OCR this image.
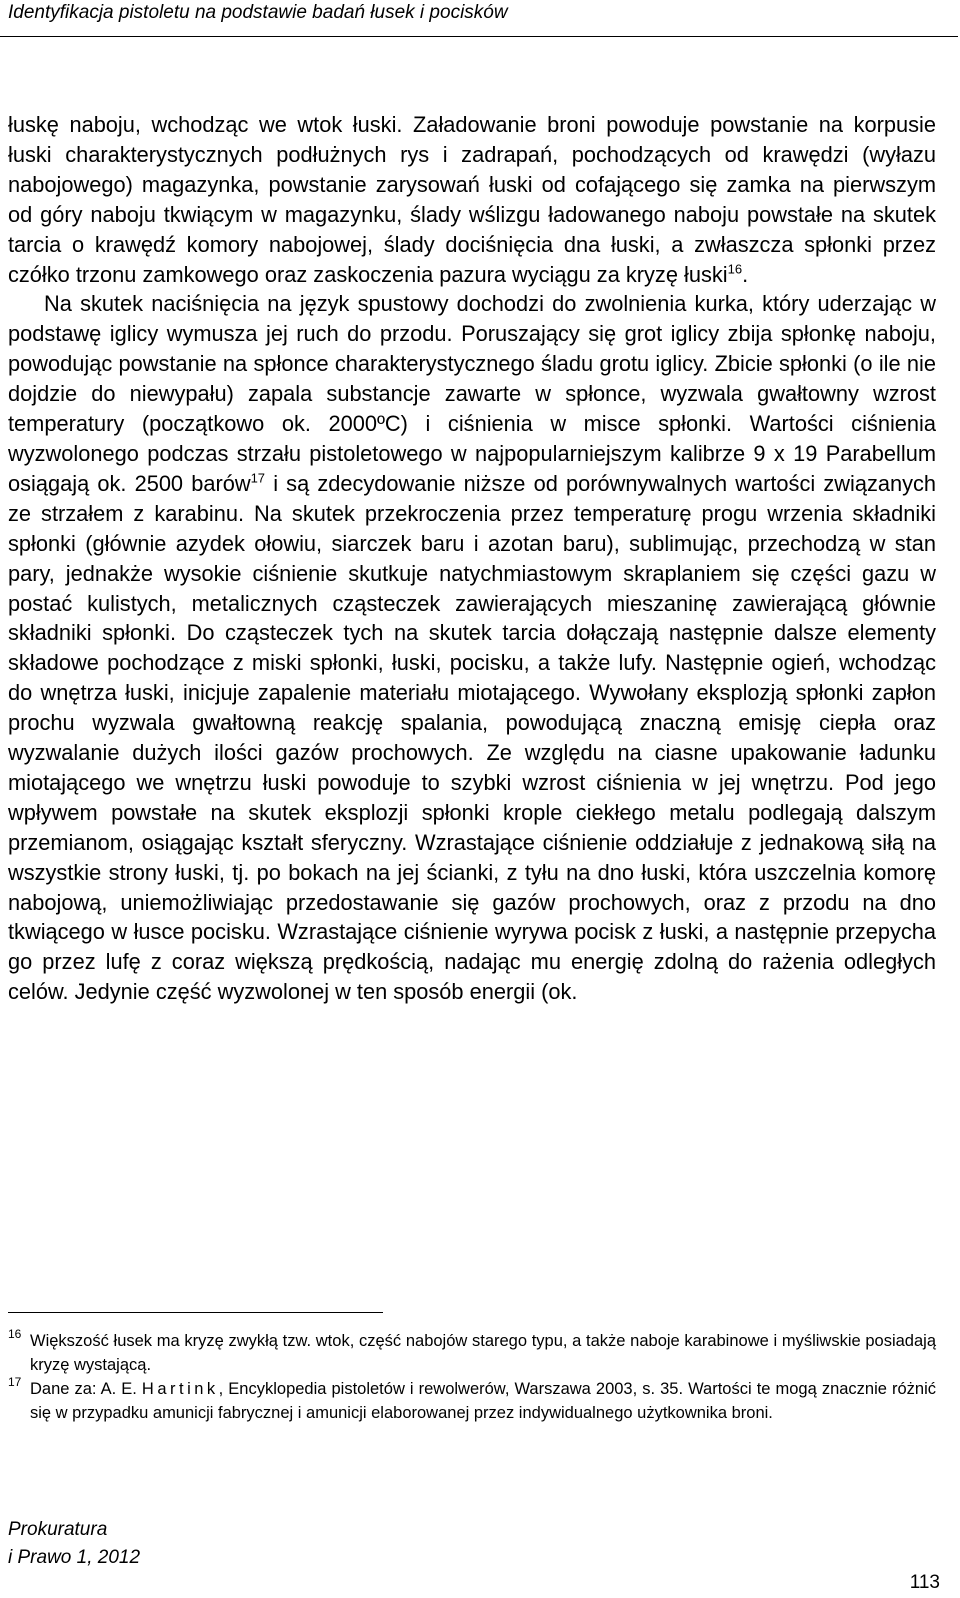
Identyfikacja pistoletu na podstawie badań łusek i pocisków

łuskę naboju, wchodząc we wtok łuski. Załadowanie broni powoduje powstanie na korpusie łuski charakterystycznych podłużnych rys i zadrapań, pochodzących od krawędzi (wyłazu nabojowego) magazynka, powstanie zarysowań łuski od cofającego się zamka na pierwszym od góry naboju tkwiącym w magazynku, ślady wślizgu ładowanego naboju powstałe na skutek tarcia o krawędź komory nabojowej, ślady dociśnięcia dna łuski, a zwłaszcza spłonki przez czółko trzonu zamkowego oraz zaskoczenia pazura wyciągu za kryzę łuski$^{16}$.

Na skutek naciśnięcia na język spustowy dochodzi do zwolnienia kurka, który uderzając w podstawę iglicy wymusza jej ruch do przodu. Poruszający się grot iglicy zbija spłonkę naboju, powodując powstanie na spłonce charakterystycznego śladu grotu iglicy. Zbicie spłonki (o ile nie dojdzie do niewypału) zapala substancje zawarte w spłonce, wyzwala gwałtowny wzrost temperatury (początkowo ok. 2000ºC) i ciśnienia w misce spłonki. Wartości ciśnienia wyzwolonego podczas strzału pistoletowego w najpopularniejszym kalibrze 9 x 19 Parabellum osiągają ok. 2500 barów$^{17}$ i są zdecydowanie niższe od porównywalnych wartości związanych ze strzałem z karabinu. Na skutek przekroczenia przez temperaturę progu wrzenia składniki spłonki (głównie azydek ołowiu, siarczek baru i azotan baru), sublimując, przechodzą w stan pary, jednakże wysokie ciśnienie skutkuje natychmiastowym skraplaniem się części gazu w postać kulistych, metalicznych cząsteczek zawierających mieszaninę zawierającą głównie składniki spłonki. Do cząsteczek tych na skutek tarcia dołączają następnie dalsze elementy składowe pochodzące z miski spłonki, łuski, pocisku, a także lufy. Następnie ogień, wchodząc do wnętrza łuski, inicjuje zapalenie materiału miotającego. Wywołany eksplozją spłonki zapłon prochu wyzwala gwałtowną reakcję spalania, powodującą znaczną emisję ciepła oraz wyzwalanie dużych ilości gazów prochowych. Ze względu na ciasne upakowanie ładunku miotającego we wnętrzu łuski powoduje to szybki wzrost ciśnienia w jej wnętrzu. Pod jego wpływem powstałe na skutek eksplozji spłonki krople ciekłego metalu podlegają dalszym przemianom, osiągając kształt sferyczny. Wzrastające ciśnienie oddziałuje z jednakową siłą na wszystkie strony łuski, tj. po bokach na jej ścianki, z tyłu na dno łuski, która uszczelnia komorę nabojową, uniemożliwiając przedostawanie się gazów prochowych, oraz z przodu na dno tkwiącego w łusce pocisku. Wzrastające ciśnienie wyrywa pocisk z łuski, a następnie przepycha go przez lufę z coraz większą prędkością, nadając mu energię zdolną do rażenia odległych celów. Jedynie część wyzwolonej w ten sposób energii (ok.

16 Większość łusek ma kryzę zwykłą tzw. wtok, część nabojów starego typu, a także naboje karabinowe i myśliwskie posiadają kryzę wystającą.
17 Dane za: A. E. Hartink, Encyklopedia pistoletów i rewolwerów, Warszawa 2003, s. 35. Wartości te mogą znacznie różnić się w przypadku amunicji fabrycznej i amunicji elaborowanej przez indywidualnego użytkownika broni.
Prokuratura
i Prawo 1, 2012
113
